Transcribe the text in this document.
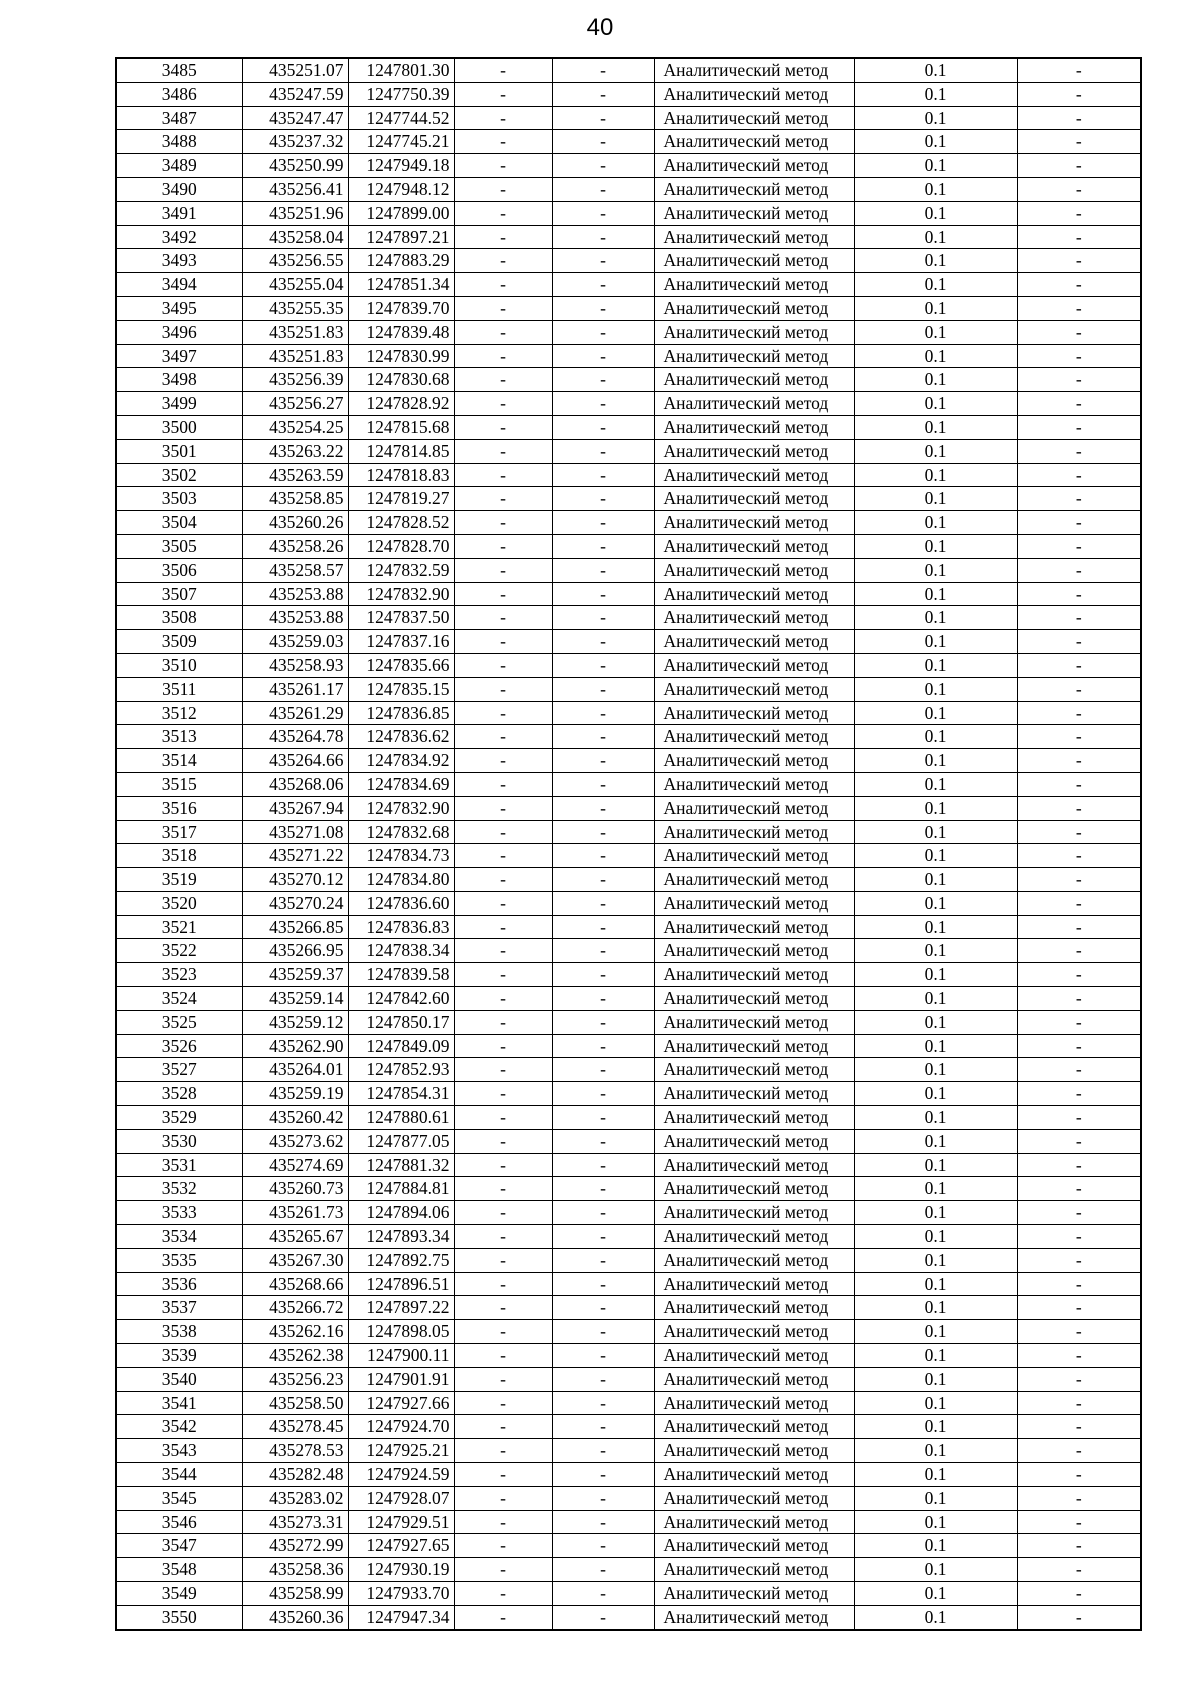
40
3485	435251.07	1247801.30	-	-	Аналитический метод	0.1	-
3486	435247.59	1247750.39	-	-	Аналитический метод	0.1	-
3487	435247.47	1247744.52	-	-	Аналитический метод	0.1	-
3488	435237.32	1247745.21	-	-	Аналитический метод	0.1	-
3489	435250.99	1247949.18	-	-	Аналитический метод	0.1	-
3490	435256.41	1247948.12	-	-	Аналитический метод	0.1	-
3491	435251.96	1247899.00	-	-	Аналитический метод	0.1	-
3492	435258.04	1247897.21	-	-	Аналитический метод	0.1	-
3493	435256.55	1247883.29	-	-	Аналитический метод	0.1	-
3494	435255.04	1247851.34	-	-	Аналитический метод	0.1	-
3495	435255.35	1247839.70	-	-	Аналитический метод	0.1	-
3496	435251.83	1247839.48	-	-	Аналитический метод	0.1	-
3497	435251.83	1247830.99	-	-	Аналитический метод	0.1	-
3498	435256.39	1247830.68	-	-	Аналитический метод	0.1	-
3499	435256.27	1247828.92	-	-	Аналитический метод	0.1	-
3500	435254.25	1247815.68	-	-	Аналитический метод	0.1	-
3501	435263.22	1247814.85	-	-	Аналитический метод	0.1	-
3502	435263.59	1247818.83	-	-	Аналитический метод	0.1	-
3503	435258.85	1247819.27	-	-	Аналитический метод	0.1	-
3504	435260.26	1247828.52	-	-	Аналитический метод	0.1	-
3505	435258.26	1247828.70	-	-	Аналитический метод	0.1	-
3506	435258.57	1247832.59	-	-	Аналитический метод	0.1	-
3507	435253.88	1247832.90	-	-	Аналитический метод	0.1	-
3508	435253.88	1247837.50	-	-	Аналитический метод	0.1	-
3509	435259.03	1247837.16	-	-	Аналитический метод	0.1	-
3510	435258.93	1247835.66	-	-	Аналитический метод	0.1	-
3511	435261.17	1247835.15	-	-	Аналитический метод	0.1	-
3512	435261.29	1247836.85	-	-	Аналитический метод	0.1	-
3513	435264.78	1247836.62	-	-	Аналитический метод	0.1	-
3514	435264.66	1247834.92	-	-	Аналитический метод	0.1	-
3515	435268.06	1247834.69	-	-	Аналитический метод	0.1	-
3516	435267.94	1247832.90	-	-	Аналитический метод	0.1	-
3517	435271.08	1247832.68	-	-	Аналитический метод	0.1	-
3518	435271.22	1247834.73	-	-	Аналитический метод	0.1	-
3519	435270.12	1247834.80	-	-	Аналитический метод	0.1	-
3520	435270.24	1247836.60	-	-	Аналитический метод	0.1	-
3521	435266.85	1247836.83	-	-	Аналитический метод	0.1	-
3522	435266.95	1247838.34	-	-	Аналитический метод	0.1	-
3523	435259.37	1247839.58	-	-	Аналитический метод	0.1	-
3524	435259.14	1247842.60	-	-	Аналитический метод	0.1	-
3525	435259.12	1247850.17	-	-	Аналитический метод	0.1	-
3526	435262.90	1247849.09	-	-	Аналитический метод	0.1	-
3527	435264.01	1247852.93	-	-	Аналитический метод	0.1	-
3528	435259.19	1247854.31	-	-	Аналитический метод	0.1	-
3529	435260.42	1247880.61	-	-	Аналитический метод	0.1	-
3530	435273.62	1247877.05	-	-	Аналитический метод	0.1	-
3531	435274.69	1247881.32	-	-	Аналитический метод	0.1	-
3532	435260.73	1247884.81	-	-	Аналитический метод	0.1	-
3533	435261.73	1247894.06	-	-	Аналитический метод	0.1	-
3534	435265.67	1247893.34	-	-	Аналитический метод	0.1	-
3535	435267.30	1247892.75	-	-	Аналитический метод	0.1	-
3536	435268.66	1247896.51	-	-	Аналитический метод	0.1	-
3537	435266.72	1247897.22	-	-	Аналитический метод	0.1	-
3538	435262.16	1247898.05	-	-	Аналитический метод	0.1	-
3539	435262.38	1247900.11	-	-	Аналитический метод	0.1	-
3540	435256.23	1247901.91	-	-	Аналитический метод	0.1	-
3541	435258.50	1247927.66	-	-	Аналитический метод	0.1	-
3542	435278.45	1247924.70	-	-	Аналитический метод	0.1	-
3543	435278.53	1247925.21	-	-	Аналитический метод	0.1	-
3544	435282.48	1247924.59	-	-	Аналитический метод	0.1	-
3545	435283.02	1247928.07	-	-	Аналитический метод	0.1	-
3546	435273.31	1247929.51	-	-	Аналитический метод	0.1	-
3547	435272.99	1247927.65	-	-	Аналитический метод	0.1	-
3548	435258.36	1247930.19	-	-	Аналитический метод	0.1	-
3549	435258.99	1247933.70	-	-	Аналитический метод	0.1	-
3550	435260.36	1247947.34	-	-	Аналитический метод	0.1	-
